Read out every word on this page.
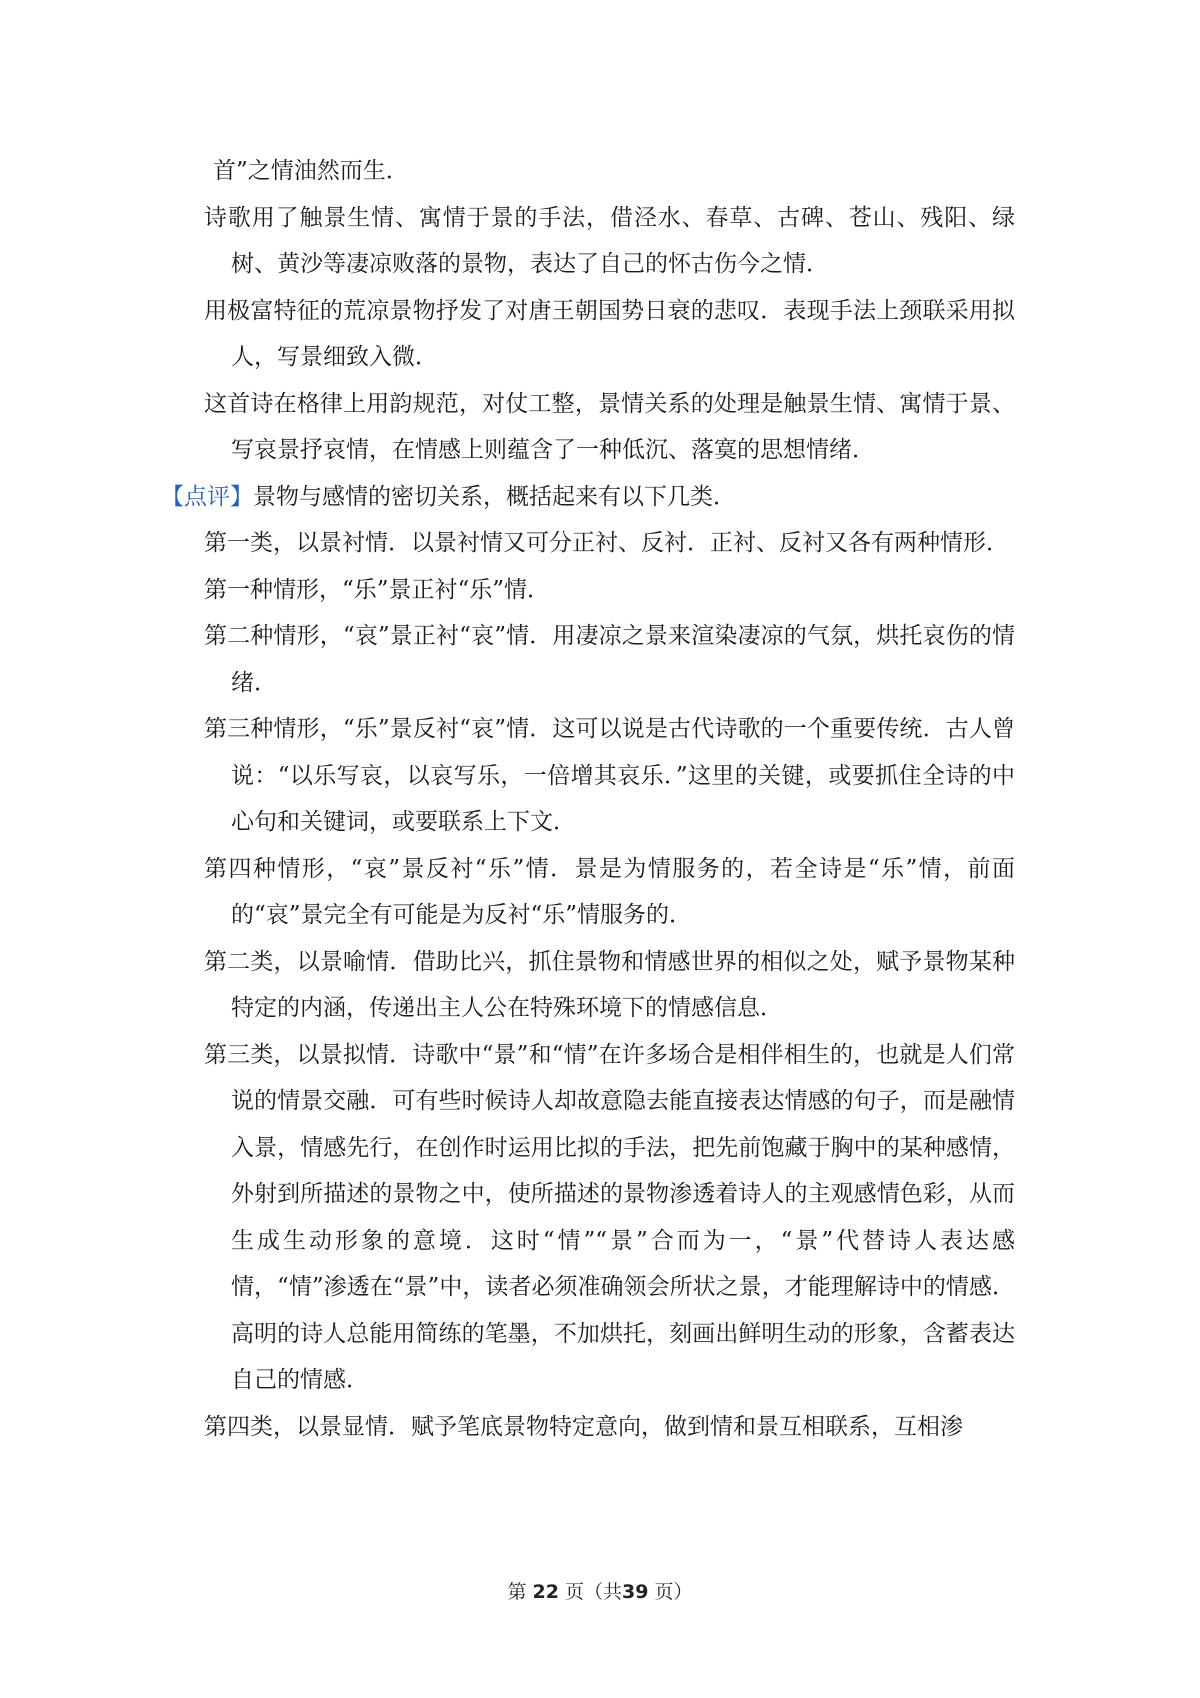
首”之情油然而生．

诗歌用了触景生情、寓情于景的手法，借泾水、春草、古碑、苍山、残阳、绿树、黄沙等凄凉败落的景物，表达了自己的怀古伤今之情．

用极富特征的荒凉景物抒发了对唐王朝国势日衰的悲叹．表现手法上颈联采用拟人，写景细致入微．

这首诗在格律上用韵规范，对仗工整，景情关系的处理是触景生情、寓情于景、写哀景抒哀情，在情感上则蕴含了一种低沉、落寞的思想情绪．

【点评】景物与感情的密切关系，概括起来有以下几类．

第一类，以景衬情．以景衬情又可分正衬、反衬．正衬、反衬又各有两种情形．

第一种情形，“乐”景正衬“乐”情．

第二种情形，“哀”景正衬“哀”情．用凄凉之景来渲染凄凉的气氛，烘托哀伤的情绪．

第三种情形，“乐”景反衬“哀”情．这可以说是古代诗歌的一个重要传统．古人曾说：“以乐写哀，以哀写乐，一倍增其哀乐．”这里的关键，或要抓住全诗的中心句和关键词，或要联系上下文．

第四种情形，“哀”景反衬“乐”情．景是为情服务的，若全诗是“乐”情，前面的“哀”景完全有可能是为反衬“乐”情服务的．

第二类，以景喻情．借助比兴，抓住景物和情感世界的相似之处，赋予景物某种特定的内涵，传递出主人公在特殊环境下的情感信息．

第三类，以景拟情．诗歌中“景”和“情”在许多场合是相伴相生的，也就是人们常说的情景交融．可有些时候诗人却故意隐去能直接表达情感的句子，而是融情入景，情感先行，在创作时运用比拟的手法，把先前饱藏于胸中的某种感情，外射到所描述的景物之中，使所描述的景物渗透着诗人的主观感情色彩，从而生成生动形象的意境．这时“情”“景”合而为一，“景”代替诗人表达感情，“情”渗透在“景”中，读者必须准确领会所状之景，才能理解诗中的情感．高明的诗人总能用简练的笔墨，不加烘托，刻画出鲜明生动的形象，含蓄表达自己的情感．

第四类，以景显情．赋予笔底景物特定意向，做到情和景互相联系，互相渗

第 22 页（共39 页）
